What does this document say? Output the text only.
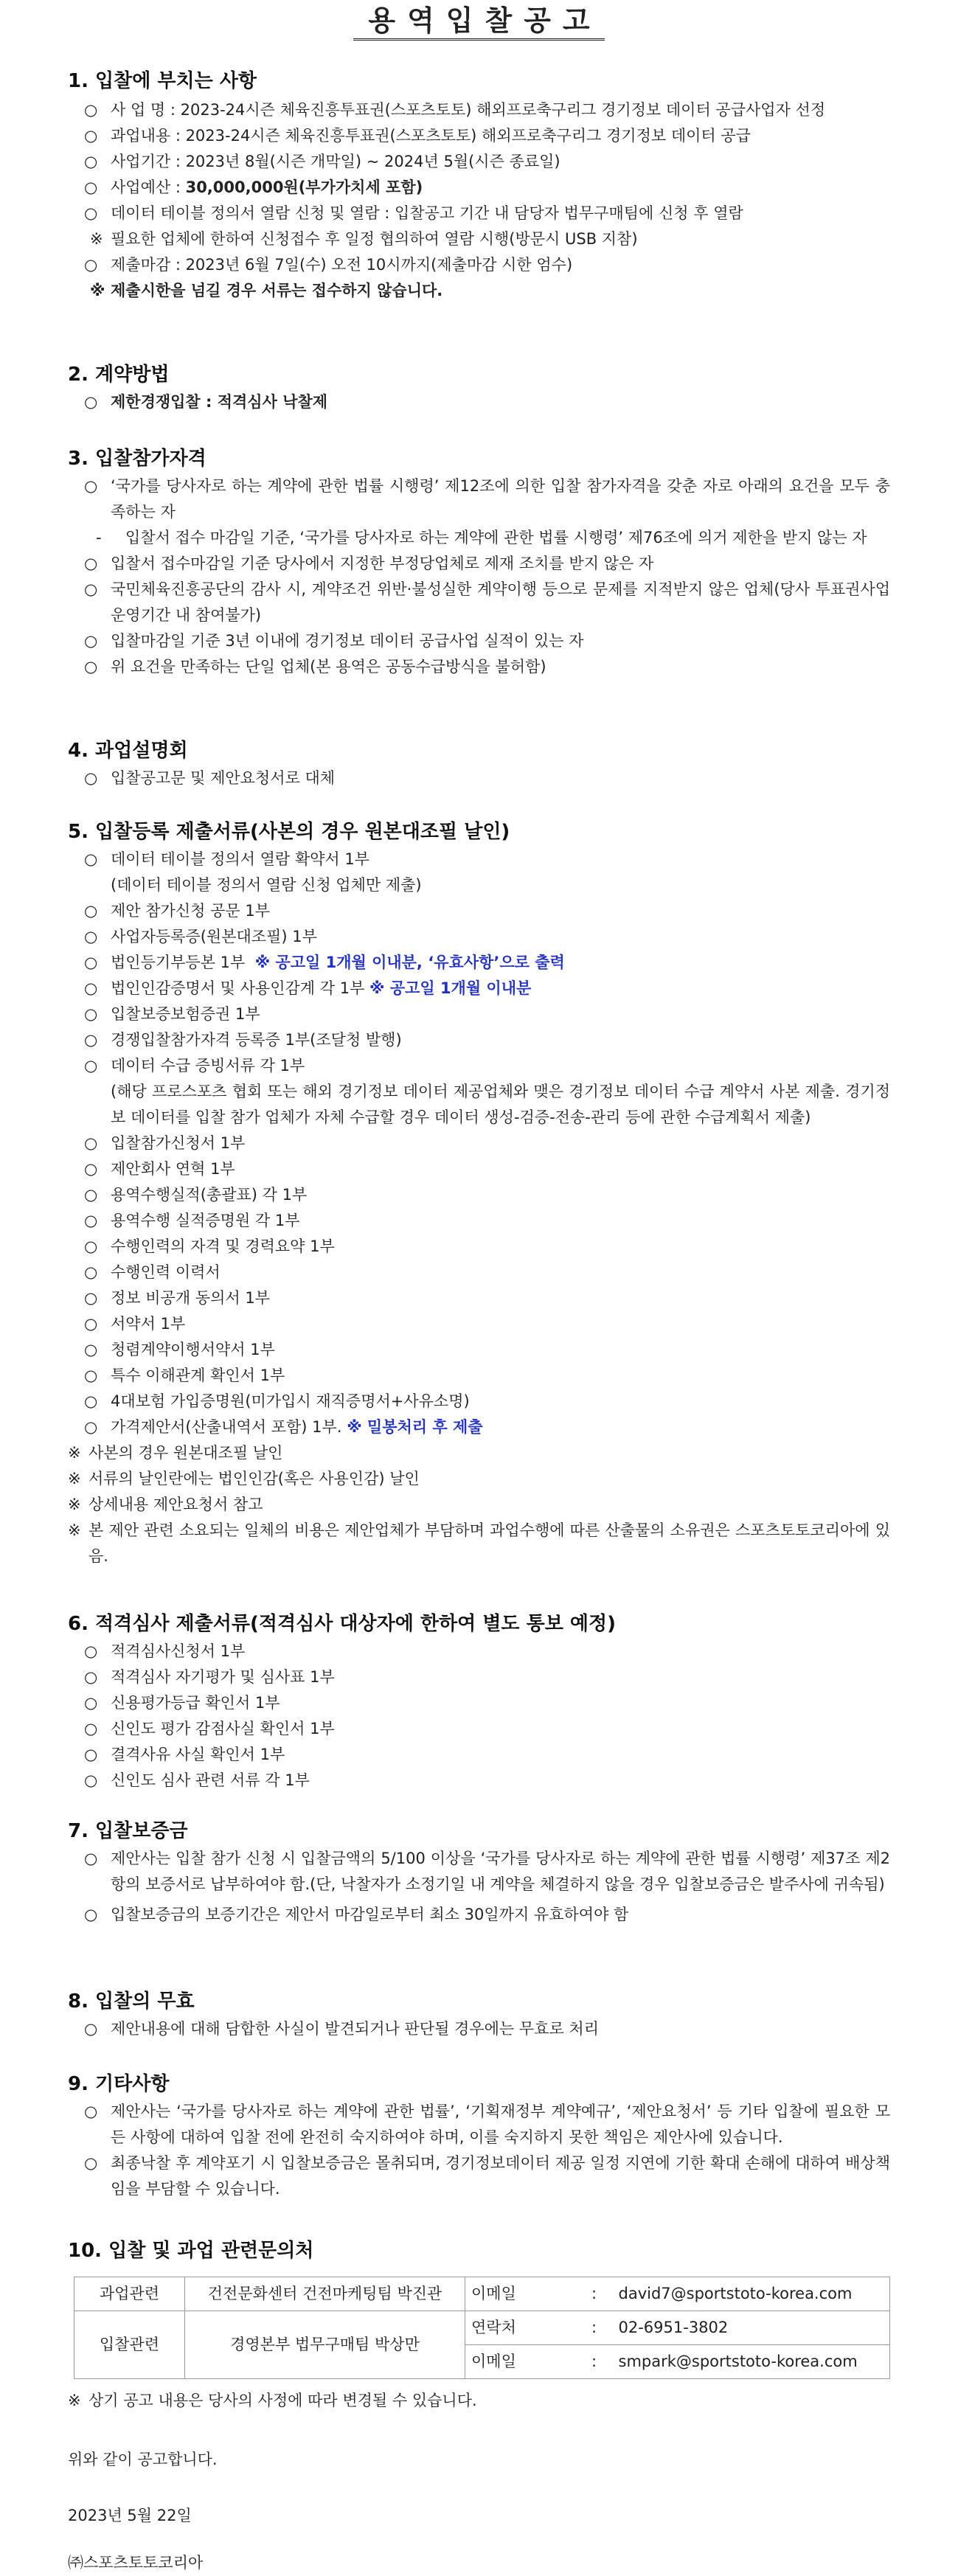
용역입찰공고
1. 입찰에 부치는 사항
○ 사 업 명 : 2023-24시즌 체육진흥투표권(스포츠토토) 해외프로축구리그 경기정보 데이터 공급사업자 선정
○ 과업내용 : 2023-24시즌 체육진흥투표권(스포츠토토) 해외프로축구리그 경기정보 데이터 공급
○ 사업기간 : 2023년 8월(시즌 개막일) ~ 2024년 5월(시즌 종료일)
○ 사업예산 : 30,000,000원(부가가치세 포함)
○ 데이터 테이블 정의서 열람 신청 및 열람 : 입찰공고 기간 내 담당자 법무구매팀에 신청 후 열람
※ 필요한 업체에 한하여 신청접수 후 일정 협의하여 열람 시행(방문시 USB 지참)
○ 제출마감 : 2023년 6월 7일(수) 오전 10시까지(제출마감 시한 엄수)
※ 제출시한을 넘길 경우 서류는 접수하지 않습니다.
2. 계약방법
○ 제한경쟁입찰 : 적격심사 낙찰제
3. 입찰참가자격
○ ‘국가를 당사자로 하는 계약에 관한 법률 시행령’ 제12조에 의한 입찰 참가자격을 갖춘 자로 아래의 요건을 모두 충족하는 자
- 입찰서 접수 마감일 기준, ‘국가를 당사자로 하는 계약에 관한 법률 시행령’ 제76조에 의거 제한을 받지 않는 자
○ 입찰서 접수마감일 기준 당사에서 지정한 부정당업체로 제재 조치를 받지 않은 자
○ 국민체육진흥공단의 감사 시, 계약조건 위반·불성실한 계약이행 등으로 문제를 지적받지 않은 업체(당사 투표권사업 운영기간 내 참여불가)
○ 입찰마감일 기준 3년 이내에 경기정보 데이터 공급사업 실적이 있는 자
○ 위 요건을 만족하는 단일 업체(본 용역은 공동수급방식을 불허함)
4. 과업설명회
○ 입찰공고문 및 제안요청서로 대체
5. 입찰등록 제출서류(사본의 경우 원본대조필 날인)
○ 데이터 테이블 정의서 열람 확약서 1부
(데이터 테이블 정의서 열람 신청 업체만 제출)
○ 제안 참가신청 공문 1부
○ 사업자등록증(원본대조필) 1부
○ 법인등기부등본 1부 ※ 공고일 1개월 이내분, ‘유효사항’으로 출력
○ 법인인감증명서 및 사용인감계 각 1부 ※ 공고일 1개월 이내분
○ 입찰보증보험증권 1부
○ 경쟁입찰참가자격 등록증 1부(조달청 발행)
○ 데이터 수급 증빙서류 각 1부
(해당 프로스포츠 협회 또는 해외 경기정보 데이터 제공업체와 맺은 경기정보 데이터 수급 계약서 사본 제출. 경기정보 데이터를 입찰 참가 업체가 자체 수급할 경우 데이터 생성-검증-전송-관리 등에 관한 수급계획서 제출)
○ 입찰참가신청서 1부
○ 제안회사 연혁 1부
○ 용역수행실적(총괄표) 각 1부
○ 용역수행 실적증명원 각 1부
○ 수행인력의 자격 및 경력요약 1부
○ 수행인력 이력서
○ 정보 비공개 동의서 1부
○ 서약서 1부
○ 청렴계약이행서약서 1부
○ 특수 이해관계 확인서 1부
○ 4대보험 가입증명원(미가입시 재직증명서+사유소명)
○ 가격제안서(산출내역서 포함) 1부. ※ 밀봉처리 후 제출
※ 사본의 경우 원본대조필 날인
※ 서류의 날인란에는 법인인감(혹은 사용인감) 날인
※ 상세내용 제안요청서 참고
※ 본 제안 관련 소요되는 일체의 비용은 제안업체가 부담하며 과업수행에 따른 산출물의 소유권은 스포츠토토코리아에 있음.
6. 적격심사 제출서류(적격심사 대상자에 한하여 별도 통보 예정)
○ 적격심사신청서 1부
○ 적격심사 자기평가 및 심사표 1부
○ 신용평가등급 확인서 1부
○ 신인도 평가 감점사실 확인서 1부
○ 결격사유 사실 확인서 1부
○ 신인도 심사 관련 서류 각 1부
7. 입찰보증금
○ 제안사는 입찰 참가 신청 시 입찰금액의 5/100 이상을 ‘국가를 당사자로 하는 계약에 관한 법률 시행령’ 제37조 제2항의 보증서로 납부하여야 함.(단, 낙찰자가 소정기일 내 계약을 체결하지 않을 경우 입찰보증금은 발주사에 귀속됨)
○ 입찰보증금의 보증기간은 제안서 마감일로부터 최소 30일까지 유효하여야 함
8. 입찰의 무효
○ 제안내용에 대해 담합한 사실이 발견되거나 판단될 경우에는 무효로 처리
9. 기타사항
○ 제안사는 ‘국가를 당사자로 하는 계약에 관한 법률’, ‘기획재정부 계약예규’, ‘제안요청서’ 등 기타 입찰에 필요한 모든 사항에 대하여 입찰 전에 완전히 숙지하여야 하며, 이를 숙지하지 못한 책임은 제안사에 있습니다.
○ 최종낙찰 후 계약포기 시 입찰보증금은 몰취되며, 경기정보데이터 제공 일정 지연에 기한 확대 손해에 대하여 배상책임을 부담할 수 있습니다.
10. 입찰 및 과업 관련문의처
과업관련	건전문화센터 건전마케팅팀 박진관	이메일	:	david7@sportstoto-korea.com
입찰관련	경영본부 법무구매팀 박상만	연락처	:	02-6951-3802
		이메일	:	smpark@sportstoto-korea.com
※ 상기 공고 내용은 당사의 사정에 따라 변경될 수 있습니다.
위와 같이 공고합니다.
2023년 5월 22일
㈜스포츠토토코리아
